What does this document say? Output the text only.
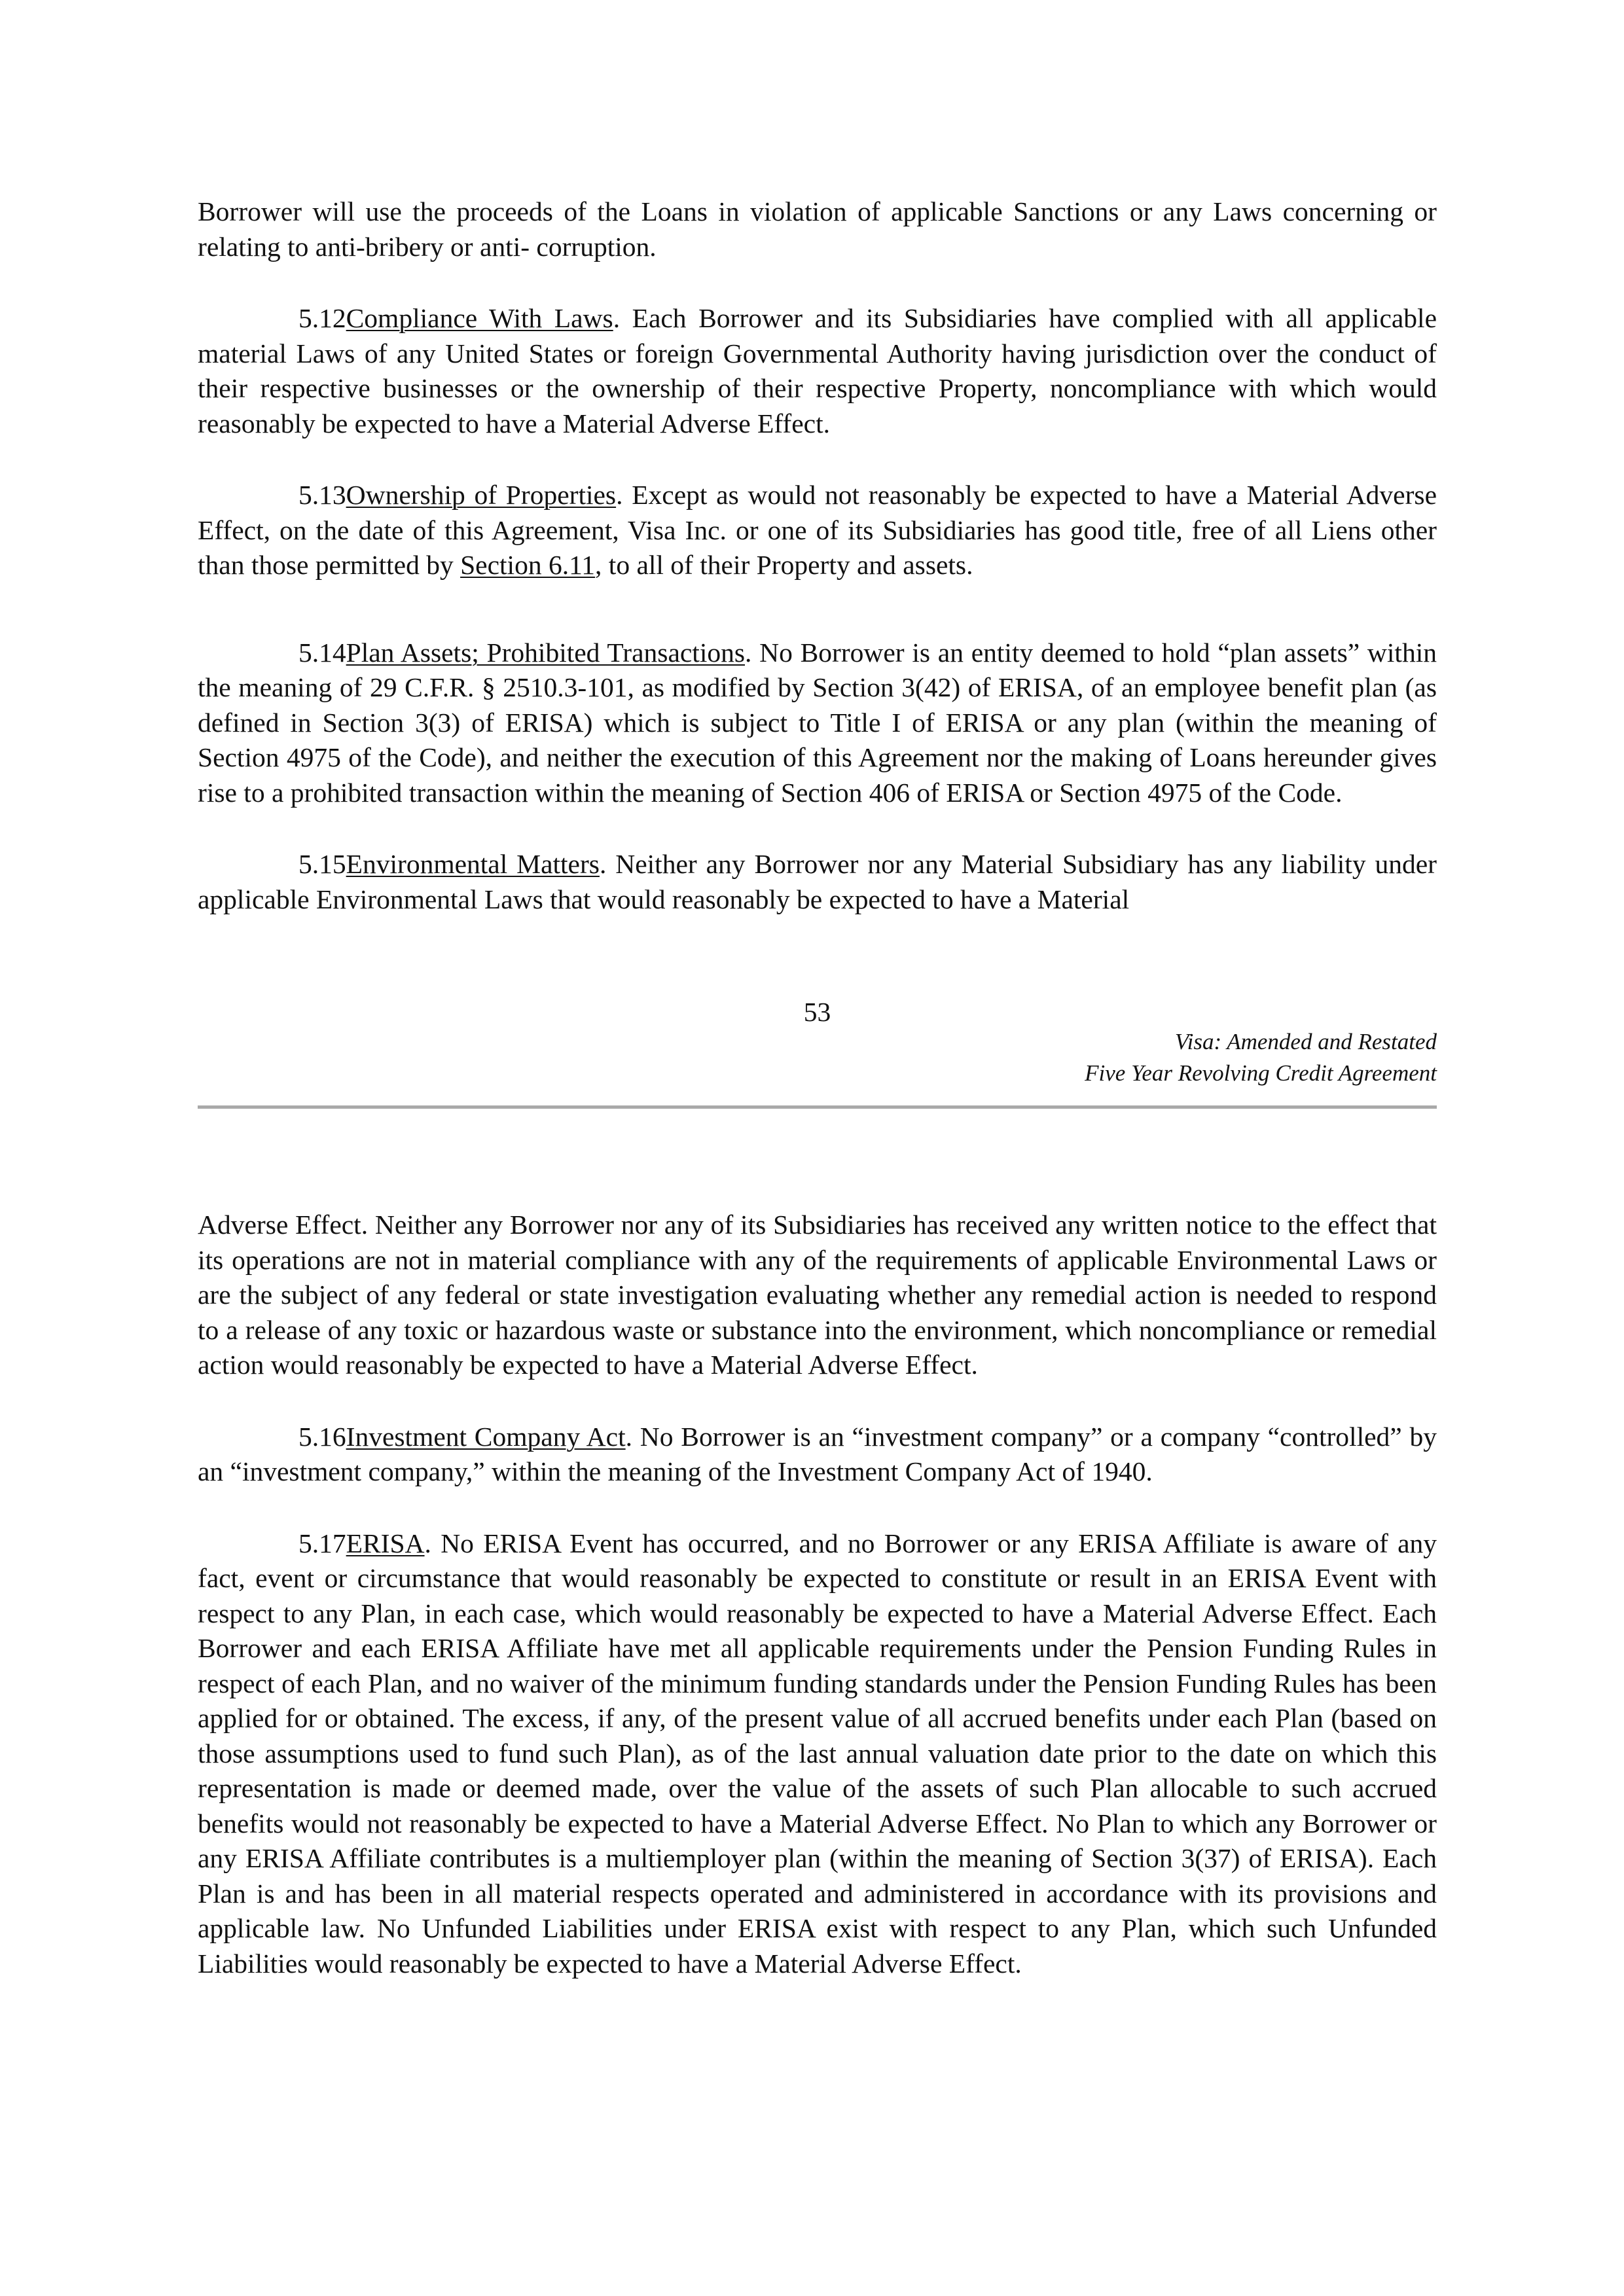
Borrower will use the proceeds of the Loans in violation of applicable Sanctions or any Laws concerning or relating to anti-bribery or anti- corruption.

5.12Compliance With Laws. Each Borrower and its Subsidiaries have complied with all applicable material Laws of any United States or foreign Governmental Authority having jurisdiction over the conduct of their respective businesses or the ownership of their respective Property, noncompliance with which would reasonably be expected to have a Material Adverse Effect.

5.13Ownership of Properties. Except as would not reasonably be expected to have a Material Adverse Effect, on the date of this Agreement, Visa Inc. or one of its Subsidiaries has good title, free of all Liens other than those permitted by Section 6.11, to all of their Property and assets.

5.14Plan Assets; Prohibited Transactions. No Borrower is an entity deemed to hold “plan assets” within the meaning of 29 C.F.R. § 2510.3-101, as modified by Section 3(42) of ERISA, of an employee benefit plan (as defined in Section 3(3) of ERISA) which is subject to Title I of ERISA or any plan (within the meaning of Section 4975 of the Code), and neither the execution of this Agreement nor the making of Loans hereunder gives rise to a prohibited transaction within the meaning of Section 406 of ERISA or Section 4975 of the Code.

5.15Environmental Matters. Neither any Borrower nor any Material Subsidiary has any liability under applicable Environmental Laws that would reasonably be expected to have a Material

53
Visa: Amended and Restated
Five Year Revolving Credit Agreement

Adverse Effect. Neither any Borrower nor any of its Subsidiaries has received any written notice to the effect that its operations are not in material compliance with any of the requirements of applicable Environmental Laws or are the subject of any federal or state investigation evaluating whether any remedial action is needed to respond to a release of any toxic or hazardous waste or substance into the environment, which noncompliance or remedial action would reasonably be expected to have a Material Adverse Effect.

5.16Investment Company Act. No Borrower is an “investment company” or a company “controlled” by an “investment company,” within the meaning of the Investment Company Act of 1940.

5.17ERISA. No ERISA Event has occurred, and no Borrower or any ERISA Affiliate is aware of any fact, event or circumstance that would reasonably be expected to constitute or result in an ERISA Event with respect to any Plan, in each case, which would reasonably be expected to have a Material Adverse Effect. Each Borrower and each ERISA Affiliate have met all applicable requirements under the Pension Funding Rules in respect of each Plan, and no waiver of the minimum funding standards under the Pension Funding Rules has been applied for or obtained. The excess, if any, of the present value of all accrued benefits under each Plan (based on those assumptions used to fund such Plan), as of the last annual valuation date prior to the date on which this representation is made or deemed made, over the value of the assets of such Plan allocable to such accrued benefits would not reasonably be expected to have a Material Adverse Effect. No Plan to which any Borrower or any ERISA Affiliate contributes is a multiemployer plan (within the meaning of Section 3(37) of ERISA). Each Plan is and has been in all material respects operated and administered in accordance with its provisions and applicable law. No Unfunded Liabilities under ERISA exist with respect to any Plan, which such Unfunded Liabilities would reasonably be expected to have a Material Adverse Effect.
